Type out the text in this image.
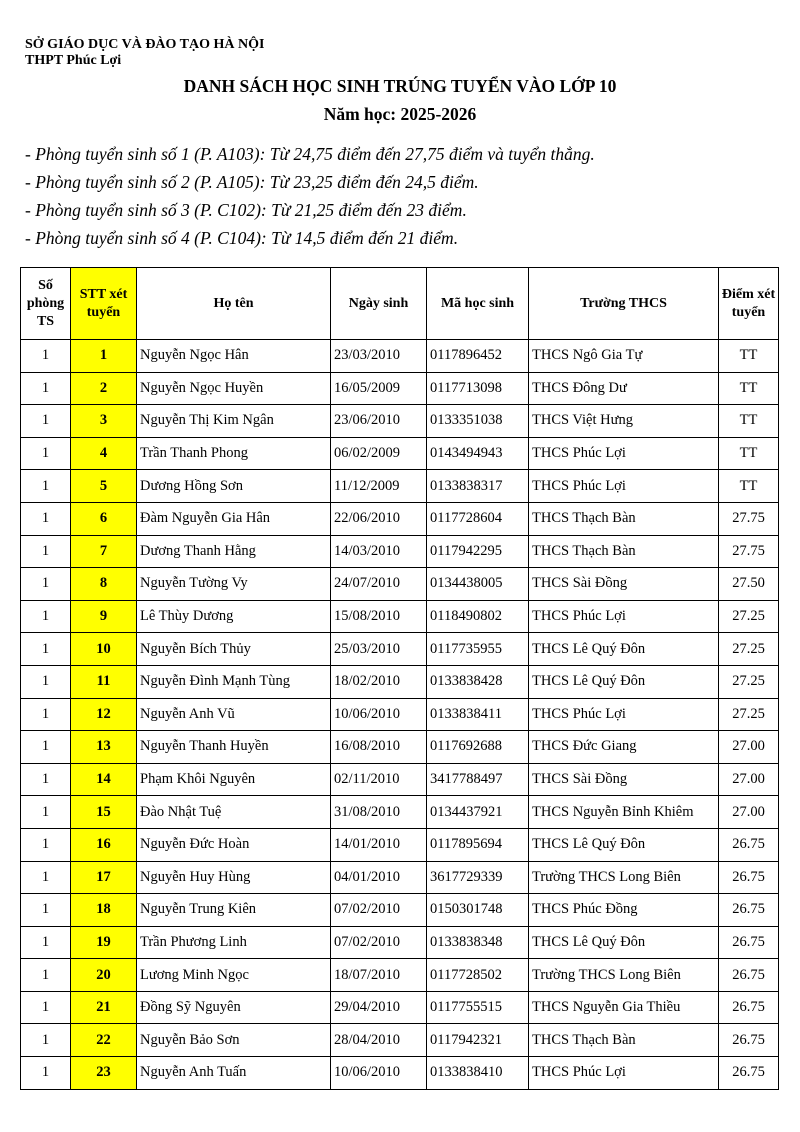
SỞ GIÁO DỤC VÀ ĐÀO TẠO HÀ NỘI
THPT Phúc Lợi
DANH SÁCH HỌC SINH TRÚNG TUYỂN VÀO LỚP 10
Năm học: 2025-2026
- Phòng tuyển sinh số 1 (P. A103): Từ 24,75 điểm đến 27,75 điểm và tuyển thẳng.
- Phòng tuyển sinh số 2 (P. A105): Từ 23,25 điểm đến 24,5 điểm.
- Phòng tuyển sinh số 3 (P. C102): Từ 21,25 điểm đến 23 điểm.
- Phòng tuyển sinh số 4 (P. C104): Từ 14,5 điểm đến 21 điểm.
Số phòng TS	STT xét tuyển	Họ tên	Ngày sinh	Mã học sinh	Trường THCS	Điểm xét tuyển
1	1	Nguyễn Ngọc Hân	23/03/2010	0117896452	THCS Ngô Gia Tự	TT
1	2	Nguyễn Ngọc Huyền	16/05/2009	0117713098	THCS Đông Dư	TT
1	3	Nguyễn Thị Kim Ngân	23/06/2010	0133351038	THCS Việt Hưng	TT
1	4	Trần Thanh Phong	06/02/2009	0143494943	THCS Phúc Lợi	TT
1	5	Dương Hồng Sơn	11/12/2009	0133838317	THCS Phúc Lợi	TT
1	6	Đàm Nguyễn Gia Hân	22/06/2010	0117728604	THCS Thạch Bàn	27.75
1	7	Dương Thanh Hằng	14/03/2010	0117942295	THCS Thạch Bàn	27.75
1	8	Nguyễn Tường Vy	24/07/2010	0134438005	THCS Sài Đồng	27.50
1	9	Lê Thùy Dương	15/08/2010	0118490802	THCS Phúc Lợi	27.25
1	10	Nguyễn Bích Thủy	25/03/2010	0117735955	THCS Lê Quý Đôn	27.25
1	11	Nguyễn Đình Mạnh Tùng	18/02/2010	0133838428	THCS Lê Quý Đôn	27.25
1	12	Nguyễn Anh Vũ	10/06/2010	0133838411	THCS Phúc Lợi	27.25
1	13	Nguyễn Thanh Huyền	16/08/2010	0117692688	THCS Đức Giang	27.00
1	14	Phạm Khôi Nguyên	02/11/2010	3417788497	THCS Sài Đồng	27.00
1	15	Đào Nhật Tuệ	31/08/2010	0134437921	THCS Nguyễn Bỉnh Khiêm	27.00
1	16	Nguyễn Đức Hoàn	14/01/2010	0117895694	THCS Lê Quý Đôn	26.75
1	17	Nguyễn Huy Hùng	04/01/2010	3617729339	Trường THCS Long Biên	26.75
1	18	Nguyễn Trung Kiên	07/02/2010	0150301748	THCS Phúc Đồng	26.75
1	19	Trần Phương Linh	07/02/2010	0133838348	THCS Lê Quý Đôn	26.75
1	20	Lương Minh Ngọc	18/07/2010	0117728502	Trường THCS Long Biên	26.75
1	21	Đồng Sỹ Nguyên	29/04/2010	0117755515	THCS Nguyễn Gia Thiều	26.75
1	22	Nguyễn Bảo Sơn	28/04/2010	0117942321	THCS Thạch Bàn	26.75
1	23	Nguyễn Anh Tuấn	10/06/2010	0133838410	THCS Phúc Lợi	26.75
